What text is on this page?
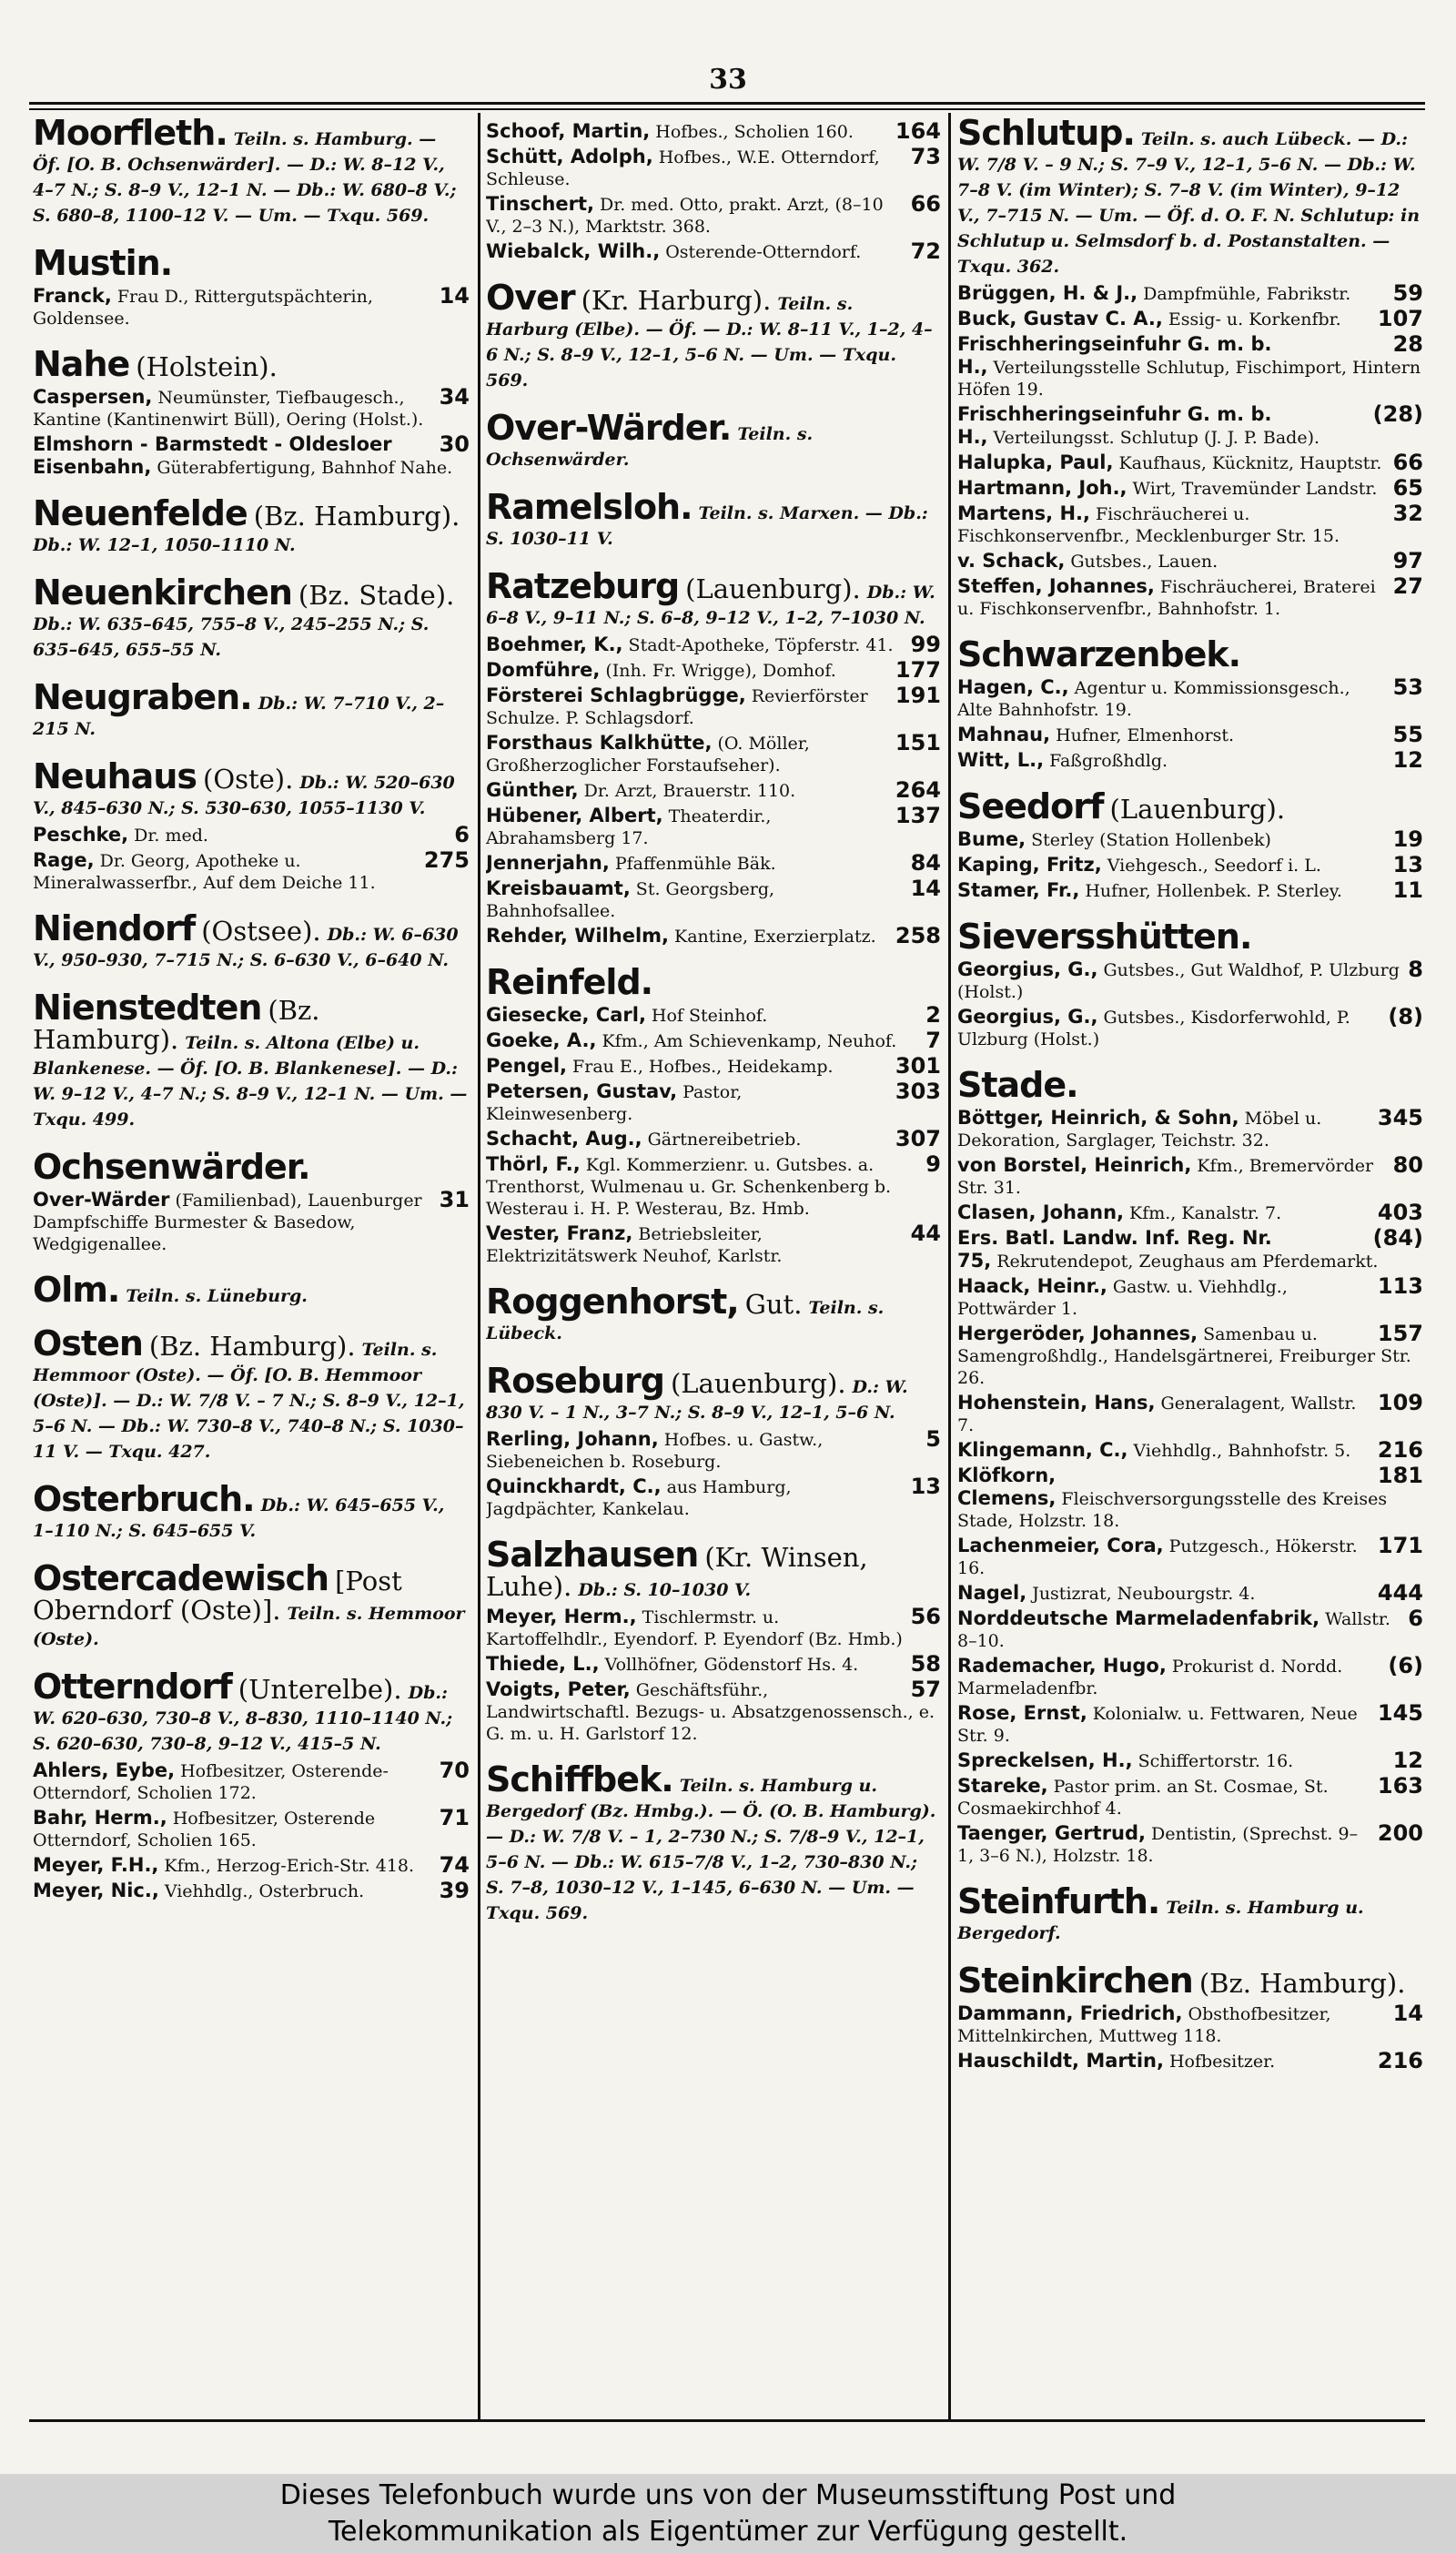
33
Moorfleth. Teiln. s. Hamburg. — Öf. [O. B. Ochsenwärder]. — D.: W. 8–12 V., 4–7 N.; S. 8–9 V., 12–1 N. — Db.: W. 680–8 V.; S. 680–8, 1100–12 V. — Um. — Txqu. 569.
Mustin.
14
Franck, Frau D., Rittergutspächterin, Goldensee.
Nahe (Holstein).
34
Caspersen, Neumünster, Tiefbaugesch., Kantine (Kantinenwirt Büll), Oering (Holst.).
30
Elmshorn - Barmstedt - Oldesloer Eisenbahn, Güterabfertigung, Bahnhof Nahe.
Neuenfelde (Bz. Hamburg). Db.: W. 12–1, 1050–1110 N.
Neuenkirchen (Bz. Stade). Db.: W. 635–645, 755–8 V., 245–255 N.; S. 635–645, 655–55 N.
Neugraben. Db.: W. 7–710 V., 2–215 N.
Neuhaus (Oste). Db.: W. 520–630 V., 845–630 N.; S. 530–630, 1055–1130 V.
6
Peschke, Dr. med.
275
Rage, Dr. Georg, Apotheke u. Mineralwasserfbr., Auf dem Deiche 11.
Niendorf (Ostsee). Db.: W. 6–630 V., 950–930, 7–715 N.; S. 6–630 V., 6–640 N.
Nienstedten (Bz. Hamburg). Teiln. s. Altona (Elbe) u. Blankenese. — Öf. [O. B. Blankenese]. — D.: W. 9–12 V., 4–7 N.; S. 8–9 V., 12–1 N. — Um. — Txqu. 499.
Ochsenwärder.
31
Over-Wärder (Familienbad), Lauenburger Dampfschiffe Burmester & Basedow, Wedgigenallee.
Olm. Teiln. s. Lüneburg.
Osten (Bz. Hamburg). Teiln. s. Hemmoor (Oste). — Öf. [O. B. Hemmoor (Oste)]. — D.: W. 7/8 V. – 7 N.; S. 8–9 V., 12–1, 5–6 N. — Db.: W. 730–8 V., 740–8 N.; S. 1030–11 V. — Txqu. 427.
Osterbruch. Db.: W. 645–655 V., 1–110 N.; S. 645–655 V.
Ostercadewisch [Post Oberndorf (Oste)]. Teiln. s. Hemmoor (Oste).
Otterndorf (Unterelbe). Db.: W. 620–630, 730–8 V., 8–830, 1110–1140 N.; S. 620–630, 730–8, 9–12 V., 415–5 N.
70
Ahlers, Eybe, Hofbesitzer, Osterende-Otterndorf, Scholien 172.
71
Bahr, Herm., Hofbesitzer, Osterende Otterndorf, Scholien 165.
74
Meyer, F.H., Kfm., Herzog-Erich-Str. 418.
39
Meyer, Nic., Viehhdlg., Osterbruch.
164
Schoof, Martin, Hofbes., Scholien 160.
73
Schütt, Adolph, Hofbes., W.E. Otterndorf, Schleuse.
66
Tinschert, Dr. med. Otto, prakt. Arzt, (8–10 V., 2–3 N.), Marktstr. 368.
72
Wiebalck, Wilh., Osterende-Otterndorf.
Over (Kr. Harburg). Teiln. s. Harburg (Elbe). — Öf. — D.: W. 8–11 V., 1–2, 4–6 N.; S. 8–9 V., 12–1, 5–6 N. — Um. — Txqu. 569.
Over-Wärder. Teiln. s. Ochsenwärder.
Ramelsloh. Teiln. s. Marxen. — Db.: S. 1030–11 V.
Ratzeburg (Lauenburg). Db.: W. 6–8 V., 9–11 N.; S. 6–8, 9–12 V., 1–2, 7–1030 N.
99
Boehmer, K., Stadt-Apotheke, Töpferstr. 41.
177
Domführe, (Inh. Fr. Wrigge), Domhof.
191
Försterei Schlagbrügge, Revierförster Schulze. P. Schlagsdorf.
151
Forsthaus Kalkhütte, (O. Möller, Großherzoglicher Forstaufseher).
264
Günther, Dr. Arzt, Brauerstr. 110.
137
Hübener, Albert, Theaterdir., Abrahamsberg 17.
84
Jennerjahn, Pfaffenmühle Bäk.
14
Kreisbauamt, St. Georgsberg, Bahnhofsallee.
258
Rehder, Wilhelm, Kantine, Exerzierplatz.
Reinfeld.
2
Giesecke, Carl, Hof Steinhof.
7
Goeke, A., Kfm., Am Schievenkamp, Neuhof.
301
Pengel, Frau E., Hofbes., Heidekamp.
303
Petersen, Gustav, Pastor, Kleinwesenberg.
307
Schacht, Aug., Gärtnereibetrieb.
9
Thörl, F., Kgl. Kommerzienr. u. Gutsbes. a. Trenthorst, Wulmenau u. Gr. Schenkenberg b. Westerau i. H. P. Westerau, Bz. Hmb.
44
Vester, Franz, Betriebsleiter, Elektrizitätswerk Neuhof, Karlstr.
Roggenhorst, Gut. Teiln. s. Lübeck.
Roseburg (Lauenburg). D.: W. 830 V. – 1 N., 3–7 N.; S. 8–9 V., 12–1, 5–6 N.
5
Rerling, Johann, Hofbes. u. Gastw., Siebeneichen b. Roseburg.
13
Quinckhardt, C., aus Hamburg, Jagdpächter, Kankelau.
Salzhausen (Kr. Winsen, Luhe). Db.: S. 10–1030 V.
56
Meyer, Herm., Tischlermstr. u. Kartoffelhdlr., Eyendorf. P. Eyendorf (Bz. Hmb.)
58
Thiede, L., Vollhöfner, Gödenstorf Hs. 4.
57
Voigts, Peter, Geschäftsführ., Landwirtschaftl. Bezugs- u. Absatzgenossensch., e. G. m. u. H. Garlstorf 12.
Schiffbek. Teiln. s. Hamburg u. Bergedorf (Bz. Hmbg.). — Ö. (O. B. Hamburg). — D.: W. 7/8 V. – 1, 2–730 N.; S. 7/8–9 V., 12–1, 5–6 N. — Db.: W. 615–7/8 V., 1–2, 730–830 N.; S. 7–8, 1030–12 V., 1–145, 6–630 N. — Um. — Txqu. 569.
Schlutup. Teiln. s. auch Lübeck. — D.: W. 7/8 V. – 9 N.; S. 7–9 V., 12–1, 5–6 N. — Db.: W. 7–8 V. (im Winter); S. 7–8 V. (im Winter), 9–12 V., 7–715 N. — Um. — Öf. d. O. F. N. Schlutup: in Schlutup u. Selmsdorf b. d. Postanstalten. — Txqu. 362.
59
Brüggen, H. & J., Dampfmühle, Fabrikstr.
107
Buck, Gustav C. A., Essig- u. Korkenfbr.
28
Frischheringseinfuhr G. m. b. H., Verteilungsstelle Schlutup, Fischimport, Hintern Höfen 19.
(28)
Frischheringseinfuhr G. m. b. H., Verteilungsst. Schlutup (J. J. P. Bade).
66
Halupka, Paul, Kaufhaus, Kücknitz, Hauptstr.
65
Hartmann, Joh., Wirt, Travemünder Landstr.
32
Martens, H., Fischräucherei u. Fischkonservenfbr., Mecklenburger Str. 15.
97
v. Schack, Gutsbes., Lauen.
27
Steffen, Johannes, Fischräucherei, Braterei u. Fischkonservenfbr., Bahnhofstr. 1.
Schwarzenbek.
53
Hagen, C., Agentur u. Kommissionsgesch., Alte Bahnhofstr. 19.
55
Mahnau, Hufner, Elmenhorst.
12
Witt, L., Faßgroßhdlg.
Seedorf (Lauenburg).
19
Bume, Sterley (Station Hollenbek)
13
Kaping, Fritz, Viehgesch., Seedorf i. L.
11
Stamer, Fr., Hufner, Hollenbek. P. Sterley.
Sieversshütten.
8
Georgius, G., Gutsbes., Gut Waldhof, P. Ulzburg (Holst.)
(8)
Georgius, G., Gutsbes., Kisdorferwohld, P. Ulzburg (Holst.)
Stade.
345
Böttger, Heinrich, & Sohn, Möbel u. Dekoration, Sarglager, Teichstr. 32.
80
von Borstel, Heinrich, Kfm., Bremervörder Str. 31.
403
Clasen, Johann, Kfm., Kanalstr. 7.
(84)
Ers. Batl. Landw. Inf. Reg. Nr. 75, Rekrutendepot, Zeughaus am Pferdemarkt.
113
Haack, Heinr., Gastw. u. Viehhdlg., Pottwärder 1.
157
Hergeröder, Johannes, Samenbau u. Samengroßhdlg., Handelsgärtnerei, Freiburger Str. 26.
109
Hohenstein, Hans, Generalagent, Wallstr. 7.
216
Klingemann, C., Viehhdlg., Bahnhofstr. 5.
181
Klöfkorn, Clemens, Fleischversorgungsstelle des Kreises Stade, Holzstr. 18.
171
Lachenmeier, Cora, Putzgesch., Hökerstr. 16.
444
Nagel, Justizrat, Neubourgstr. 4.
6
Norddeutsche Marmeladenfabrik, Wallstr. 8–10.
(6)
Rademacher, Hugo, Prokurist d. Nordd. Marmeladenfbr.
145
Rose, Ernst, Kolonialw. u. Fettwaren, Neue Str. 9.
12
Spreckelsen, H., Schiffertorstr. 16.
163
Stareke, Pastor prim. an St. Cosmae, St. Cosmaekirchhof 4.
200
Taenger, Gertrud, Dentistin, (Sprechst. 9–1, 3–6 N.), Holzstr. 18.
Steinfurth. Teiln. s. Hamburg u. Bergedorf.
Steinkirchen (Bz. Hamburg).
14
Dammann, Friedrich, Obsthofbesitzer, Mittelnkirchen, Muttweg 118.
216
Hauschildt, Martin, Hofbesitzer.
Dieses Telefonbuch wurde uns von der Museumsstiftung Post und
Telekommunikation als Eigentümer zur Verfügung gestellt.
